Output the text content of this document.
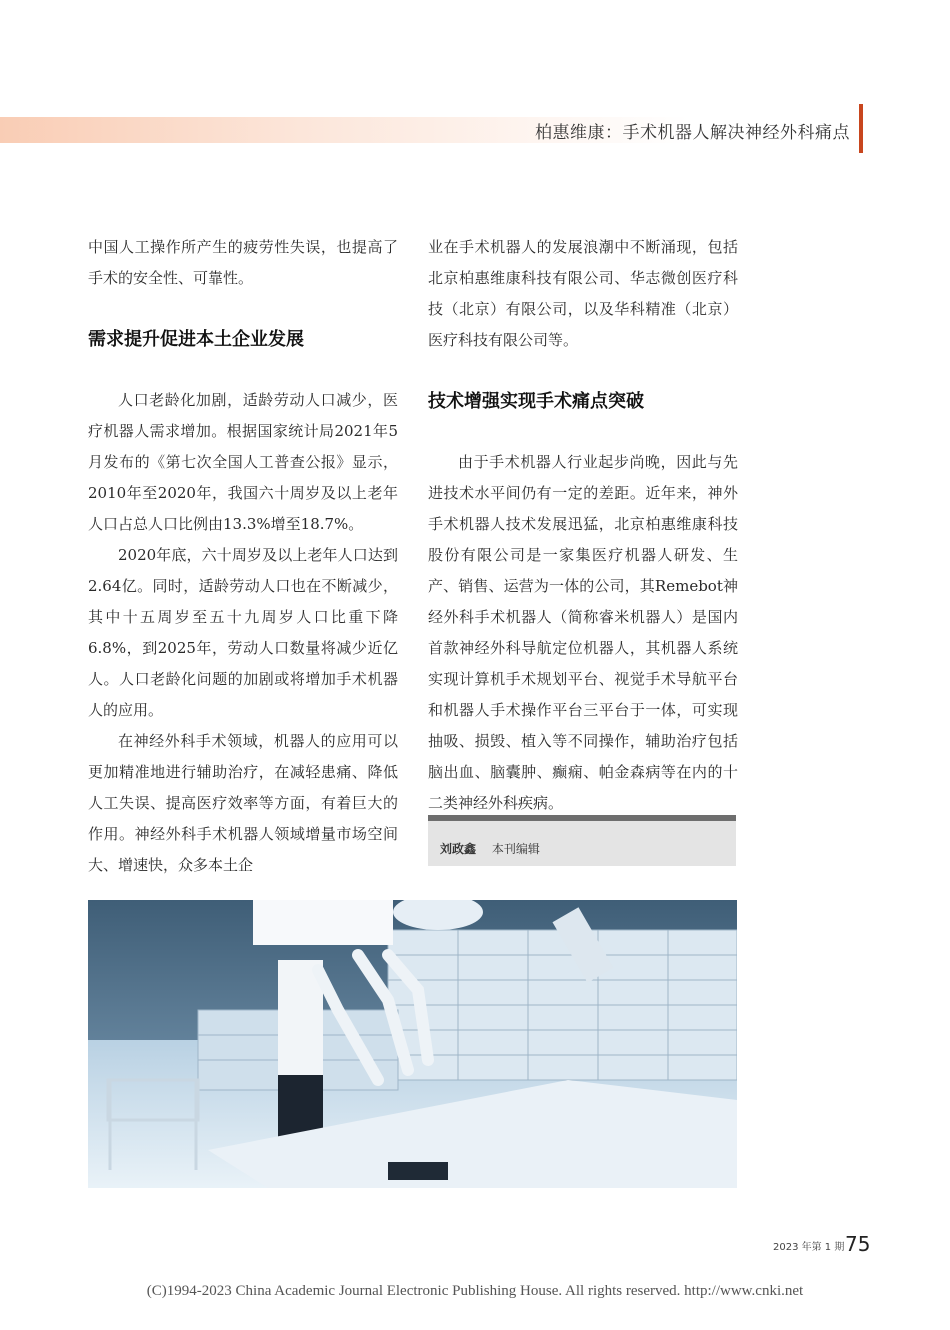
柏惠维康：手术机器人解决神经外科痛点

中国人工操作所产生的疲劳性失误，也提高了手术的安全性、可靠性。

需求提升促进本土企业发展

人口老龄化加剧，适龄劳动人口减少，医疗机器人需求增加。根据国家统计局2021年5月发布的《第七次全国人工普查公报》显示，2010年至2020年，我国六十周岁及以上老年人口占总人口比例由13.3%增至18.7%。

2020年底，六十周岁及以上老年人口达到2.64亿。同时，适龄劳动人口也在不断减少，其中十五周岁至五十九周岁人口比重下降6.8%，到2025年，劳动人口数量将减少近亿人。人口老龄化问题的加剧或将增加手术机器人的应用。

在神经外科手术领域，机器人的应用可以更加精准地进行辅助治疗，在减轻患痛、降低人工失误、提高医疗效率等方面，有着巨大的作用。神经外科手术机器人领域增量市场空间大、增速快，众多本土企

业在手术机器人的发展浪潮中不断涌现，包括北京柏惠维康科技有限公司、华志微创医疗科技（北京）有限公司，以及华科精准（北京）医疗科技有限公司等。

技术增强实现手术痛点突破

由于手术机器人行业起步尚晚，因此与先进技术水平间仍有一定的差距。近年来，神外手术机器人技术发展迅猛，北京柏惠维康科技股份有限公司是一家集医疗机器人研发、生产、销售、运营为一体的公司，其Remebot神经外科手术机器人（简称睿米机器人）是国内首款神经外科导航定位机器人，其机器人系统实现计算机手术规划平台、视觉手术导航平台和机器人手术操作平台三平台于一体，可实现抽吸、损毁、植入等不同操作，辅助治疗包括脑出血、脑囊肿、癫痫、帕金森病等在内的十二类神经外科疾病。

刘政鑫 本刊编辑
2023 年第 1 期 75
(C)1994-2023 China Academic Journal Electronic Publishing House. All rights reserved. http://www.cnki.net
